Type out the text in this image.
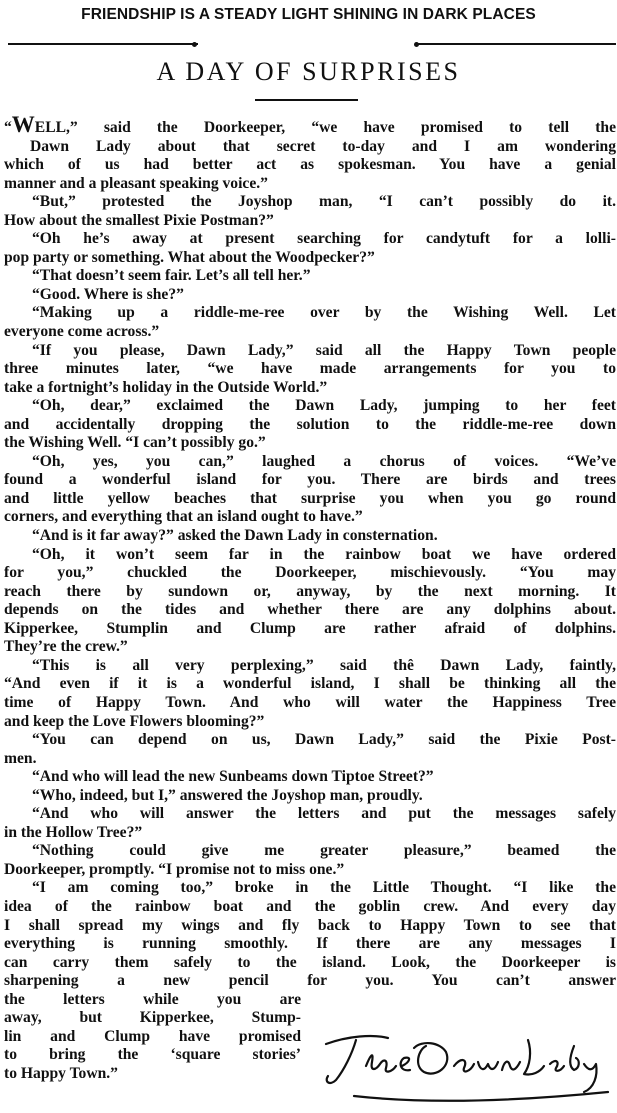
FRIENDSHIP IS A STEADY LIGHT SHINING IN DARK PLACES
A DAY OF SURPRISES
“WELL,” said the Doorkeeper, “we have promised to tell the
Dawn Lady about that secret to-day and I am wondering
which of us had better act as spokesman. You have a genial
manner and a pleasant speaking voice.”
“But,” protested the Joyshop man, “I can’t possibly do it.
How about the smallest Pixie Postman?”
“Oh he’s away at present searching for candytuft for a lolli-
pop party or something. What about the Woodpecker?”
“That doesn’t seem fair. Let’s all tell her.”
“Good. Where is she?”
“Making up a riddle-me-ree over by the Wishing Well. Let
everyone come across.”
“If you please, Dawn Lady,” said all the Happy Town people
three minutes later, “we have made arrangements for you to
take a fortnight’s holiday in the Outside World.”
“Oh, dear,” exclaimed the Dawn Lady, jumping to her feet
and accidentally dropping the solution to the riddle-me-ree down
the Wishing Well. “I can’t possibly go.”
“Oh, yes, you can,” laughed a chorus of voices. “We’ve
found a wonderful island for you. There are birds and trees
and little yellow beaches that surprise you when you go round
corners, and everything that an island ought to have.”
“And is it far away?” asked the Dawn Lady in consternation.
“Oh, it won’t seem far in the rainbow boat we have ordered
for you,” chuckled the Doorkeeper, mischievously. “You may
reach there by sundown or, anyway, by the next morning. It
depends on the tides and whether there are any dolphins about.
Kipperkee, Stumplin and Clump are rather afraid of dolphins.
They’re the crew.”
“This is all very perplexing,” said thê Dawn Lady, faintly,
“And even if it is a wonderful island, I shall be thinking all the
time of Happy Town. And who will water the Happiness Tree
and keep the Love Flowers blooming?”
“You can depend on us, Dawn Lady,” said the Pixie Post-
men.
“And who will lead the new Sunbeams down Tiptoe Street?”
“Who, indeed, but I,” answered the Joyshop man, proudly.
“And who will answer the letters and put the messages safely
in the Hollow Tree?”
“Nothing could give me greater pleasure,” beamed the
Doorkeeper, promptly. “I promise not to miss one.”
“I am coming too,” broke in the Little Thought. “I like the
idea of the rainbow boat and the goblin crew. And every day
I shall spread my wings and fly back to Happy Town to see that
everything is running smoothly. If there are any messages I
can carry them safely to the island. Look, the Doorkeeper is
sharpening a new pencil for you. You can’t answer
the letters while you are
away, but Kipperkee, Stump-
lin and Clump have promised
to bring the ‘square stories’
to Happy Town.”
